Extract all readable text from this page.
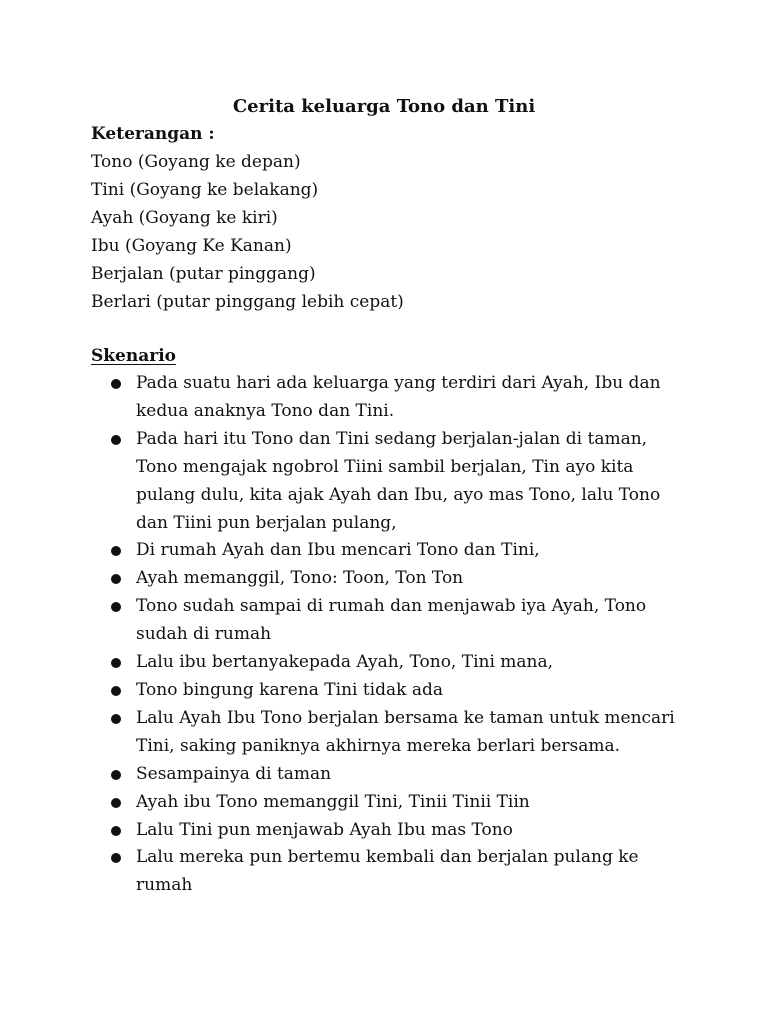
Cerita keluarga Tono dan Tini

Keterangan :

Tono (Goyang ke depan)

Tini (Goyang ke belakang)

Ayah (Goyang ke kiri)

Ibu (Goyang Ke Kanan)

Berjalan (putar pinggang)

Berlari (putar pinggang lebih cepat)

Skenario
Pada suatu hari ada keluarga yang terdiri dari Ayah, Ibu dan kedua anaknya Tono dan Tini.
Pada hari itu Tono dan Tini sedang berjalan-jalan di taman, Tono mengajak ngobrol Tiini sambil berjalan, Tin ayo kita pulang dulu, kita ajak Ayah dan Ibu, ayo mas Tono, lalu Tono dan Tiini pun berjalan pulang,
Di rumah Ayah dan Ibu mencari Tono dan Tini,
Ayah memanggil, Tono: Toon, Ton Ton
Tono sudah sampai di rumah dan menjawab iya Ayah, Tono sudah di rumah
Lalu ibu bertanyakepada Ayah, Tono, Tini mana,
Tono bingung karena Tini tidak ada
Lalu Ayah Ibu Tono berjalan bersama ke taman untuk mencari Tini, saking paniknya akhirnya mereka berlari bersama.
Sesampainya di taman
Ayah ibu Tono memanggil Tini, Tinii Tinii Tiin
Lalu Tini pun menjawab Ayah Ibu mas Tono
Lalu mereka pun bertemu kembali dan berjalan pulang ke rumah
